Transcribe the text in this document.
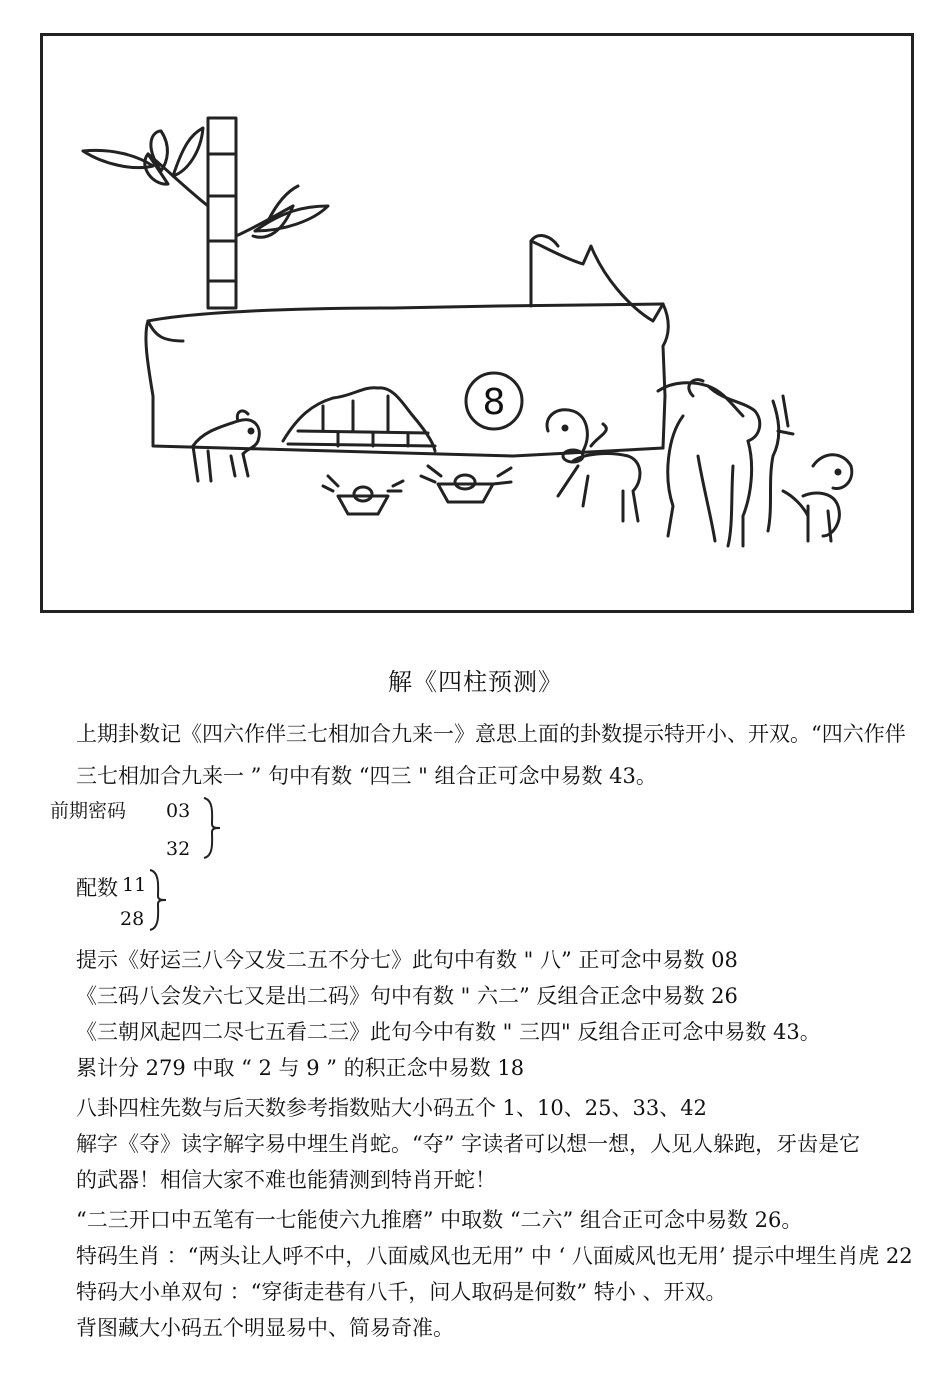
8
解《四柱预测》
上期卦数记《四六作伴三七相加合九来一》意思上面的卦数提示特开小、开双。“四六作伴
三七相加合九来一 ” 句中有数 “四三 " 组合正可念中易数 43。
前期密码 03
32
配数 11
28
提示《好运三八今又发二五不分七》此句中有数 " 八” 正可念中易数 08
《三码八会发六七又是出二码》句中有数 " 六二” 反组合正念中易数 26
《三朝风起四二尽七五看二三》此句今中有数 " 三四" 反组合正可念中易数 43。
累计分 279 中取 “ 2 与 9 ” 的积正念中易数 18
八卦四柱先数与后天数参考指数贴大小码五个 1、10、25、33、42
解字《夺》读字解字易中埋生肖蛇。“夺” 字读者可以想一想，人见人躲跑，牙齿是它
的武器！相信大家不难也能猜测到特肖开蛇！
“二三开口中五笔有一七能使六九推磨” 中取数 “二六” 组合正可念中易数 26。
特码生肖 ：“两头让人呼不中，八面威风也无用” 中 ‘ 八面威风也无用’ 提示中埋生肖虎 22
特码大小单双句 ：“穿街走巷有八千，问人取码是何数” 特小 、开双。
背图藏大小码五个明显易中、简易奇准。
